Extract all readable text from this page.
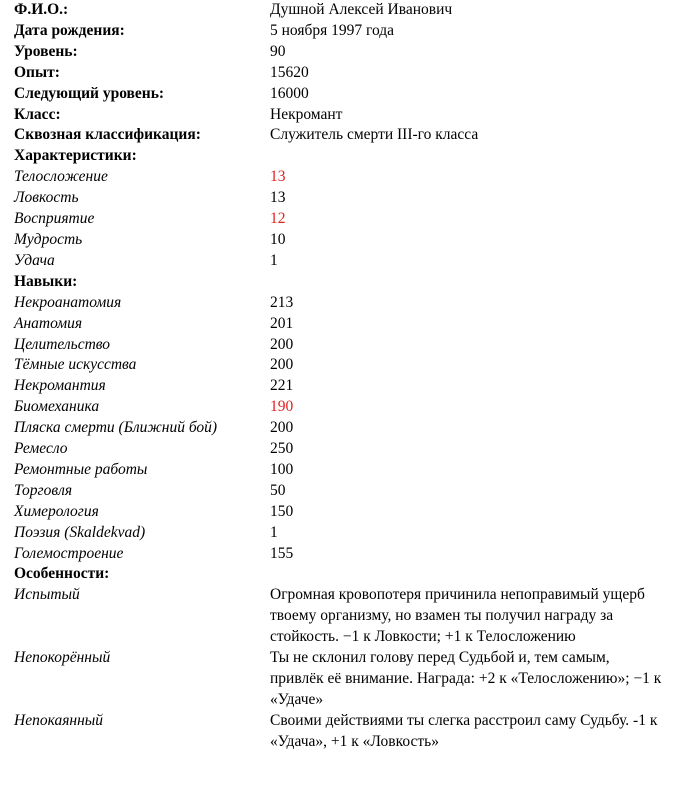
Ф.И.О.:	Душной Алексей Иванович
Дата рождения:	5 ноября 1997 года
Уровень:	90
Опыт:	15620
Следующий уровень:	16000
Класс:	Некромант
Сквозная классификация:	Служитель смерти III-го класса
Характеристики:
Телосложение	13
Ловкость	13
Восприятие	12
Мудрость	10
Удача	1
Навыки:
Некроанатомия	213
Анатомия	201
Целительство	200
Тёмные искусства	200
Некромантия	221
Биомеханика	190
Пляска смерти (Ближний бой)	200
Ремесло	250
Ремонтные работы	100
Торговля	50
Химерология	150
Поэзия (Skaldekvad)	1
Големостроение	155
Особенности:
Испытый	Огромная кровопотеря причинила непоправимый ущерб твоему организму, но взамен ты получил награду за стойкость. −1 к Ловкости; +1 к Телосложению
Непокорённый	Ты не склонил голову перед Судьбой и, тем самым, привлёк её внимание. Награда: +2 к «Телосложению»; −1 к «Удаче»
Непокаянный	Своими действиями ты слегка расстроил саму Судьбу. -1 к «Удача», +1 к «Ловкость»
